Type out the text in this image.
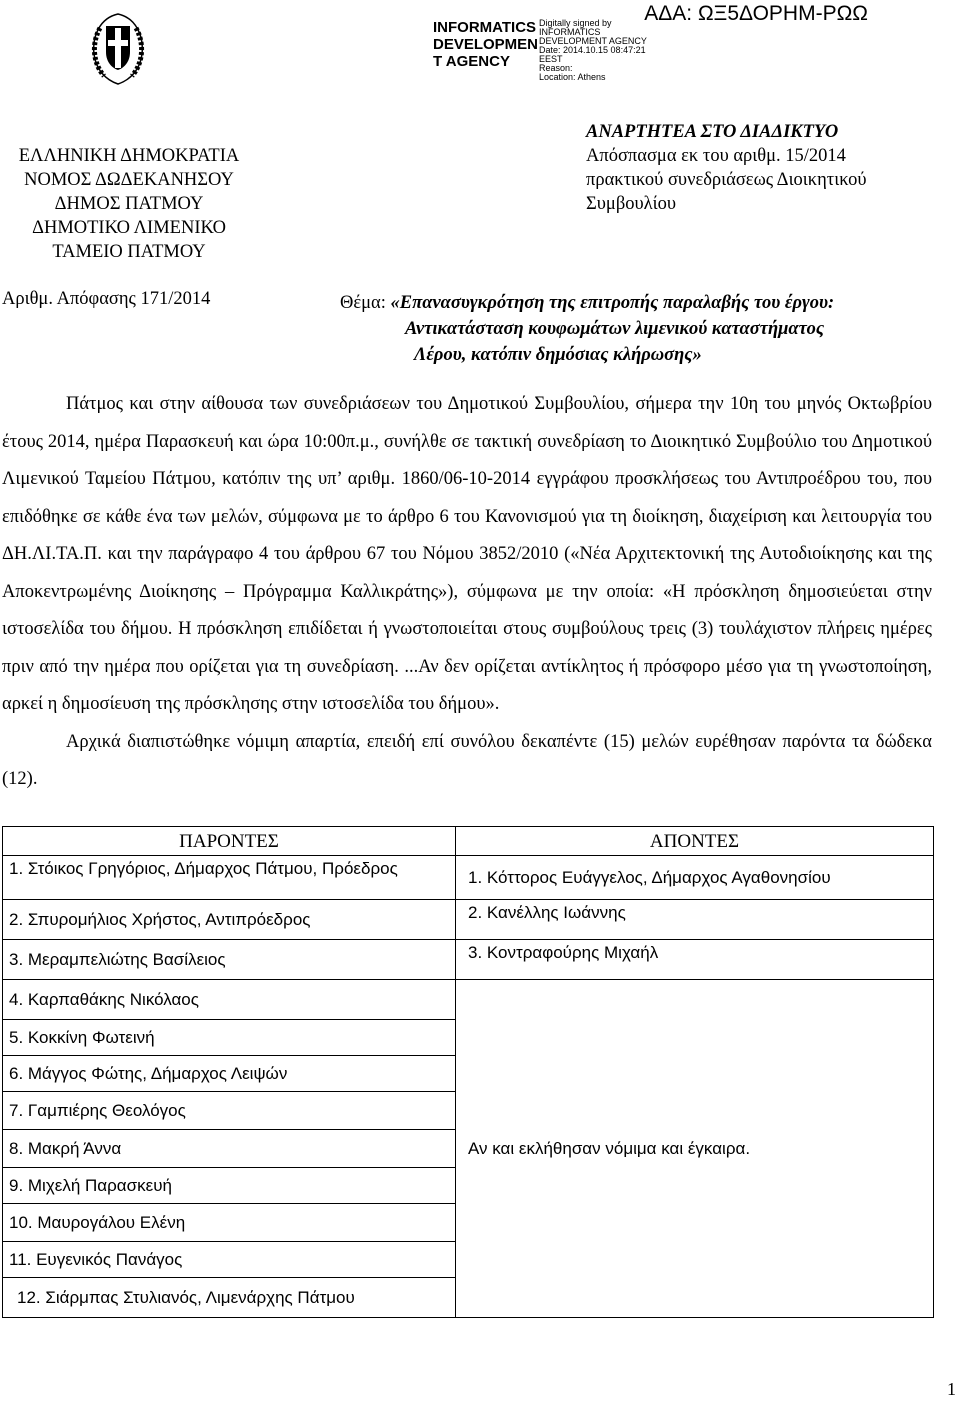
ΑΔΑ: ΩΞ5ΔΟΡΗΜ-ΡΩΩ
INFORMATICS DEVELOPMEN T AGENCY
Digitally signed by
INFORMATICS
DEVELOPMENT AGENCY
Date: 2014.10.15 08:47:21
EEST
Reason:
Location: Athens
ΕΛΛΗΝΙΚΗ ΔΗΜΟΚΡΑΤΙΑ
ΝΟΜΟΣ ΔΩΔΕΚΑΝΗΣΟΥ
ΔΗΜΟΣ ΠΑΤΜΟΥ
ΔΗΜΟΤΙΚΟ ΛΙΜΕΝΙΚΟ
ΤΑΜΕΙΟ ΠΑΤΜΟΥ
ΑΝΑΡΤΗΤΕΑ ΣΤΟ ΔΙΑΔΙΚΤΥΟ
Απόσπασμα εκ του αριθμ. 15/2014
πρακτικού συνεδριάσεως Διοικητικού
Συμβουλίου
Αριθμ. Απόφασης 171/2014	Θέμα: «Επανασυγκρότηση της επιτροπής παραλαβής του έργου:
Αντικατάσταση κουφωμάτων λιμενικού καταστήματος
Λέρου, κατόπιν δημόσιας κλήρωσης»

Πάτμος και στην αίθουσα των συνεδριάσεων του Δημοτικού Συμβουλίου, σήμερα την 10η του μηνός Οκτωβρίου έτους 2014, ημέρα Παρασκευή και ώρα 10:00π.μ., συνήλθε σε τακτική συνεδρίαση το Διοικητικό Συμβούλιο του Δημοτικού Λιμενικού Ταμείου Πάτμου, κατόπιν της υπ’ αριθμ. 1860/06-10-2014 εγγράφου προσκλήσεως του Αντιπροέδρου του, που επιδόθηκε σε κάθε ένα των μελών, σύμφωνα με το άρθρο 6 του Κανονισμού για τη διοίκηση, διαχείριση και λειτουργία του ΔΗ.ΛΙ.ΤΑ.Π. και την παράγραφο 4 του άρθρου 67 του Νόμου 3852/2010 («Νέα Αρχιτεκτονική της Αυτοδιοίκησης και της Αποκεντρωμένης Διοίκησης – Πρόγραμμα Καλλικράτης»), σύμφωνα με την οποία: «Η πρόσκληση δημοσιεύεται στην ιστοσελίδα του δήμου. Η πρόσκληση επιδίδεται ή γνωστοποιείται στους συμβούλους τρεις (3) τουλάχιστον πλήρεις ημέρες πριν από την ημέρα που ορίζεται για τη συνεδρίαση. ...Αν δεν ορίζεται αντίκλητος ή πρόσφορο μέσο για τη γνωστοποίηση, αρκεί η δημοσίευση της πρόσκλησης στην ιστοσελίδα του δήμου».

Αρχικά διαπιστώθηκε νόμιμη απαρτία, επειδή επί συνόλου δεκαπέντε (15) μελών ευρέθησαν παρόντα τα δώδεκα (12).

ΠΑΡΟΝΤΕΣ	ΑΠΟΝΤΕΣ
1. Στόικος Γρηγόριος, Δήμαρχος Πάτμου, Πρόεδρος	1. Κόττορος Ευάγγελος, Δήμαρχος Αγαθονησίου
2. Σπυρομήλιος Χρήστος, Αντιπρόεδρος	2. Κανέλλης Ιωάννης
3. Μεραμπελιώτης Βασίλειος	3. Κοντραφούρης Μιχαήλ
4. Καρπαθάκης Νικόλαος	Αν και εκλήθησαν νόμιμα και έγκαιρα.
5. Κοκκίνη Φωτεινή	
6. Μάγγος Φώτης, Δήμαρχος Λειψών	
7. Γαμπιέρης Θεολόγος	
8. Μακρή Άννα	
9. Μιχελή Παρασκευή	
10. Μαυρογάλου Ελένη	
11. Ευγενικός Πανάγος	
12. Σιάρμπας Στυλιανός, Λιμενάρχης Πάτμου	
1
